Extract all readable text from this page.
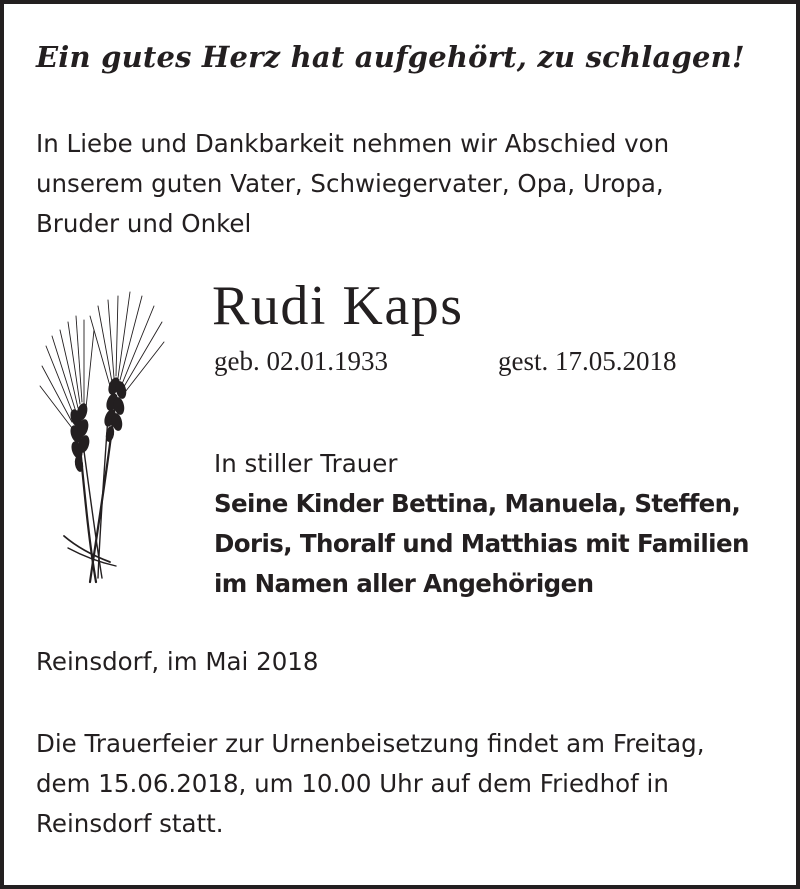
Ein gutes Herz hat aufgehört, zu schlagen!
In Liebe und Dankbarkeit nehmen wir Abschied von
unserem guten Vater, Schwiegervater, Opa, Uropa,
Bruder und Onkel
Rudi Kaps
geb. 02.01.1933	gest. 17.05.2018
In stiller Trauer
Seine Kinder Bettina, Manuela, Steffen,
Doris, Thoralf und Matthias mit Familien
im Namen aller Angehörigen
Reinsdorf, im Mai 2018
Die Trauerfeier zur Urnenbeisetzung findet am Freitag,
dem 15.06.2018, um 10.00 Uhr auf dem Friedhof in
Reinsdorf statt.
